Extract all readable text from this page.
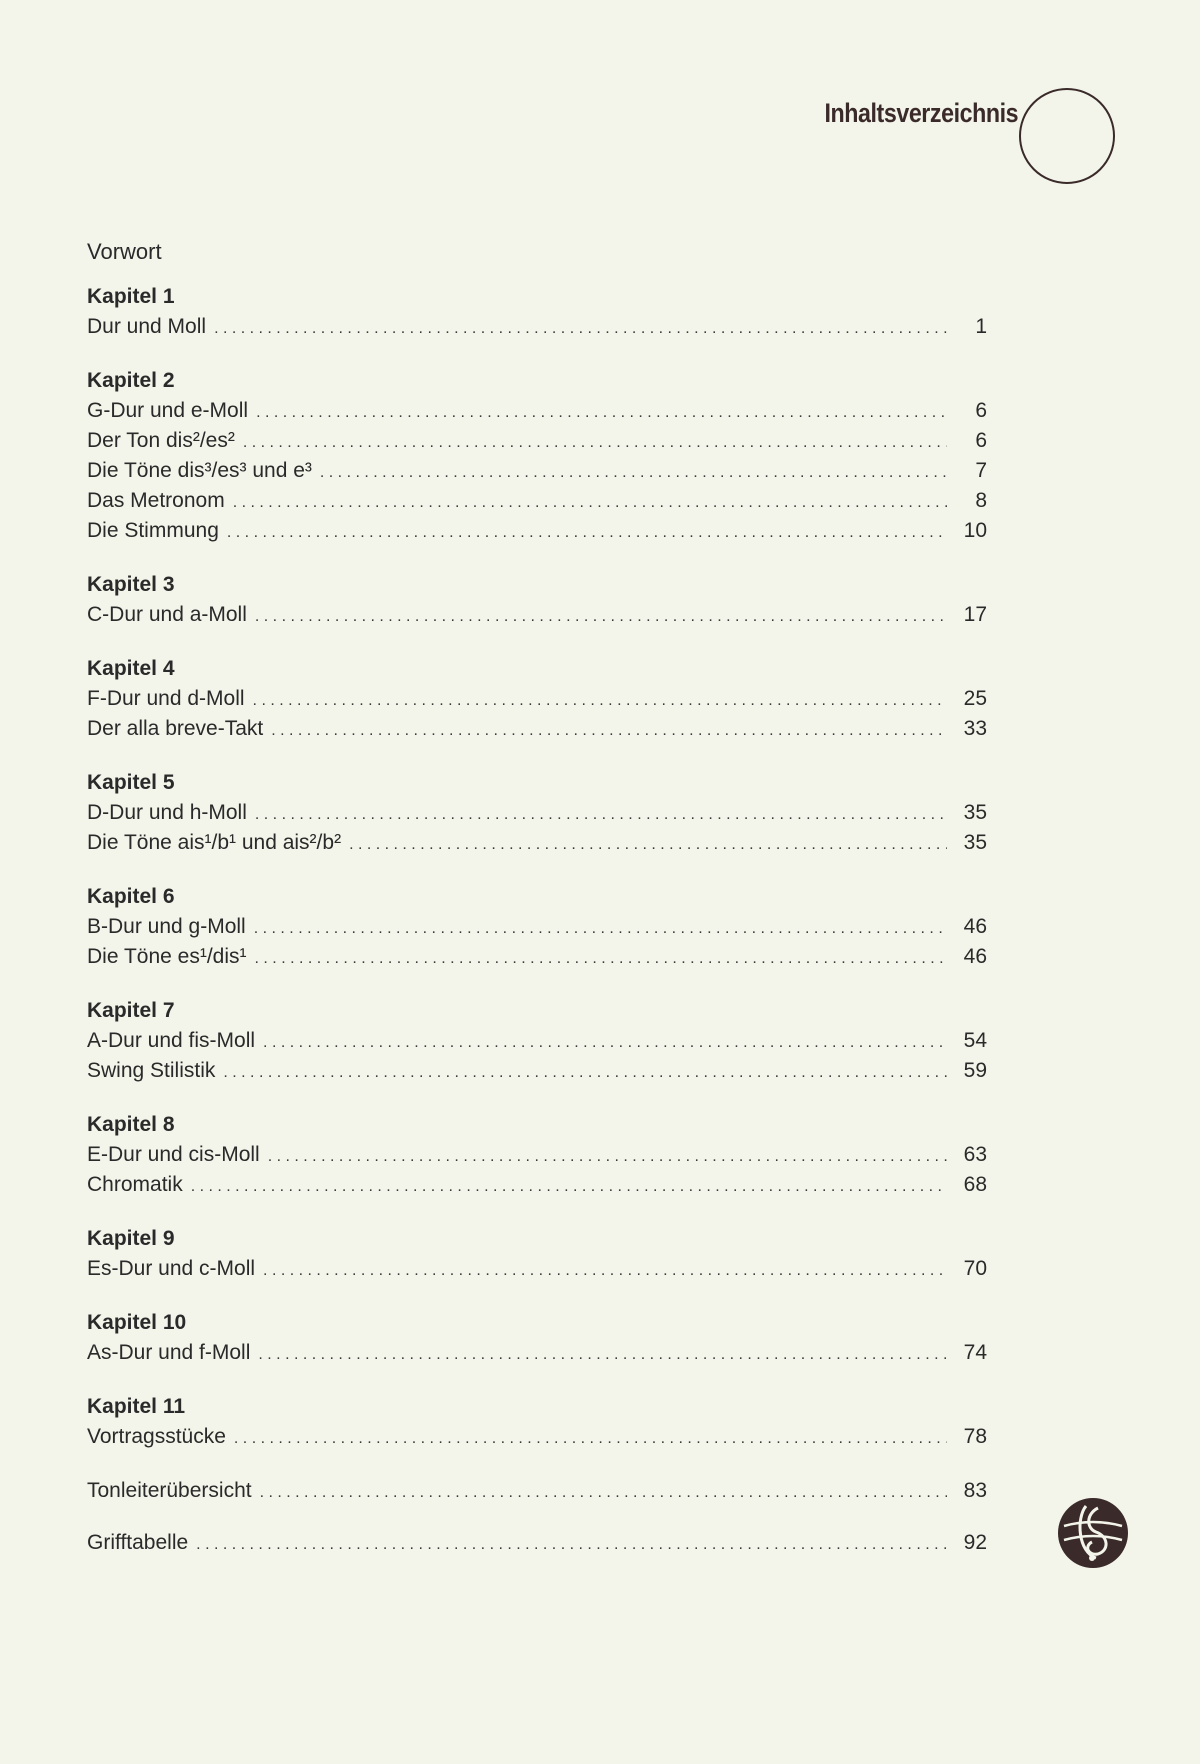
Inhaltsverzeichnis
Vorwort
Kapitel 1
Dur und Moll . . .	1
Kapitel 2
G-Dur und e-Moll . . .	6
Der Ton dis²/es² . . .	6
Die Töne dis³/es³ und e³ . . .	7
Das Metronom . . .	8
Die Stimmung . . .	10
Kapitel 3
C-Dur und a-Moll . . .	17
Kapitel 4
F-Dur und d-Moll . . .	25
Der alla breve-Takt . . .	33
Kapitel 5
D-Dur und h-Moll . . .	35
Die Töne ais¹/b¹ und ais²/b² . . .	35
Kapitel 6
B-Dur und g-Moll . . .	46
Die Töne es¹/dis¹ . . .	46
Kapitel 7
A-Dur und fis-Moll . . .	54
Swing Stilistik . . .	59
Kapitel 8
E-Dur und cis-Moll . . .	63
Chromatik . . .	68
Kapitel 9
Es-Dur und c-Moll . . .	70
Kapitel 10
As-Dur und f-Moll . . .	74
Kapitel 11
Vortragsstücke . . .	78
Tonleiterübersicht . . .	83
Grifftabelle . . .	92
